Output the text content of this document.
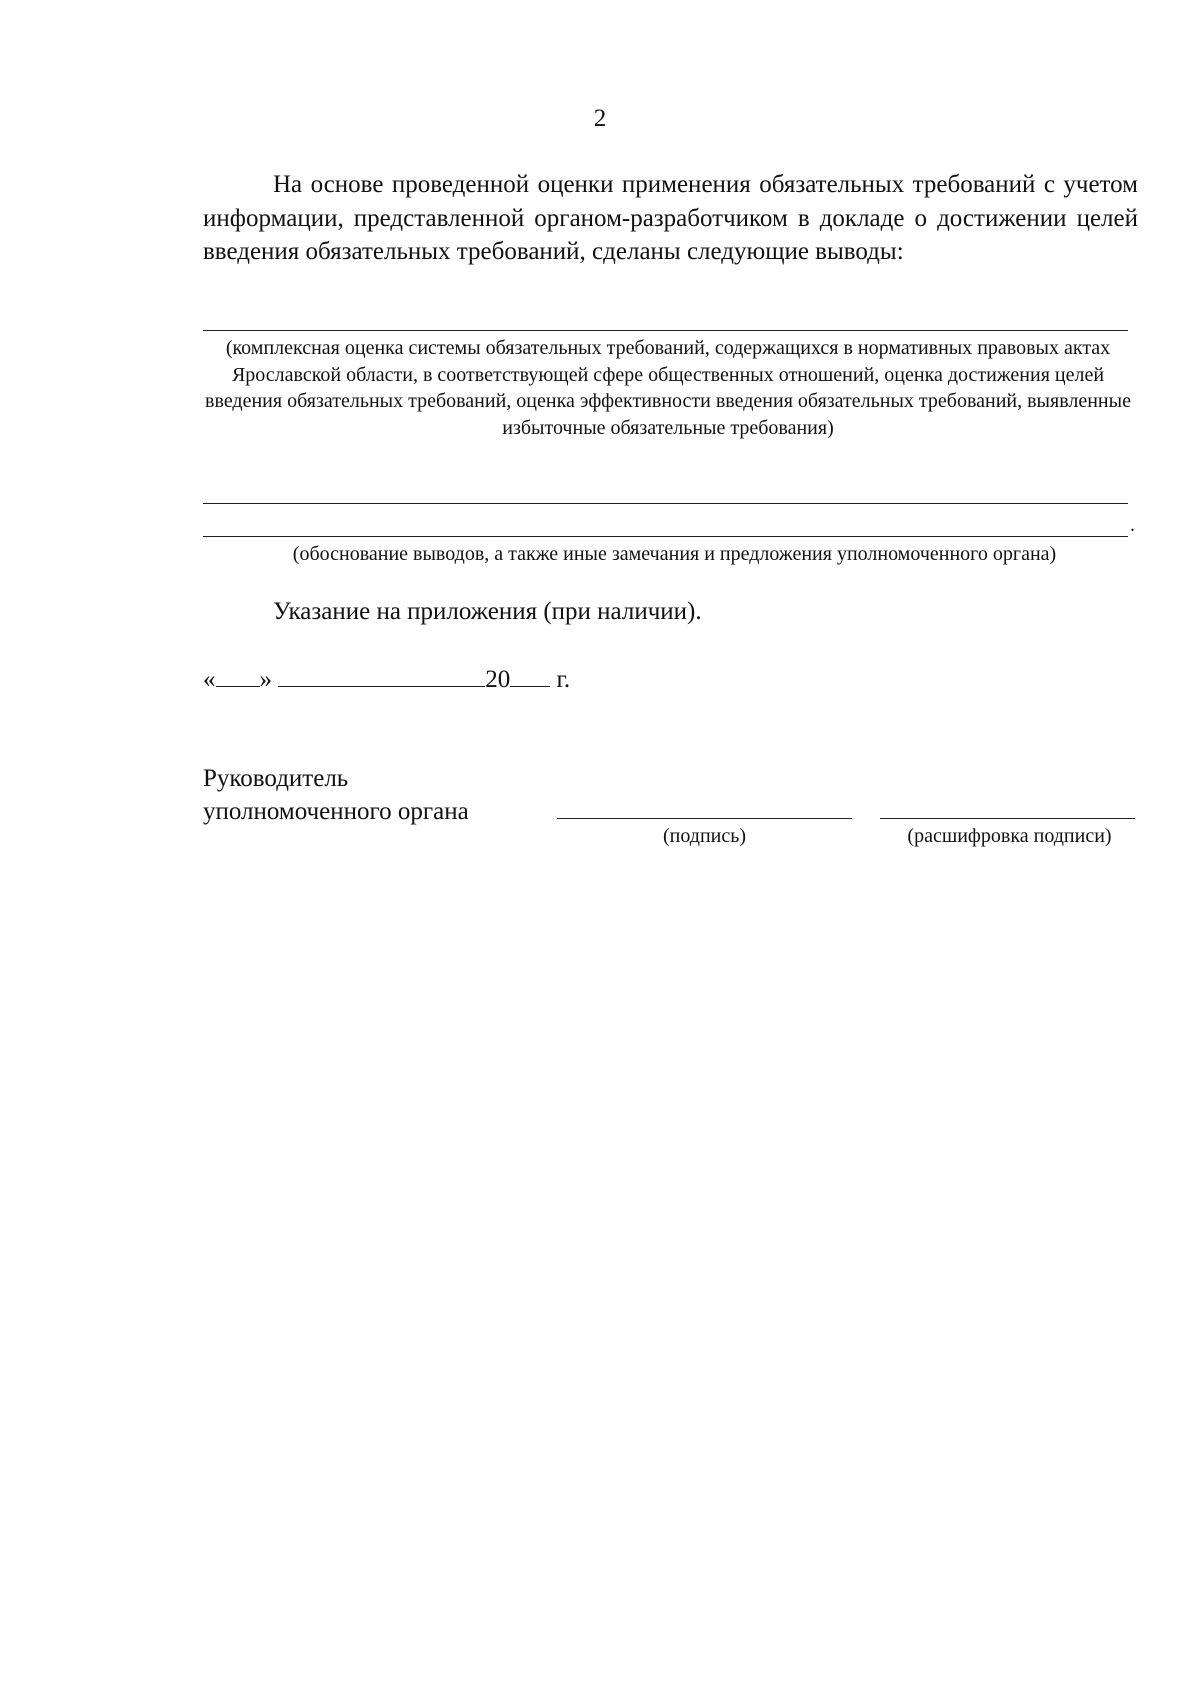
2

На основе проведенной оценки применения обязательных требований с учетом информации, представленной органом-разработчиком в докладе о достижении целей введения обязательных требований, сделаны следующие выводы:

(комплексная оценка системы обязательных требований, содержащихся в нормативных правовых актах Ярославской области, в соответствующей сфере общественных отношений, оценка достижения целей введения обязательных требований, оценка эффективности введения обязательных требований, выявленные избыточные обязательные требования)

.

(обоснование выводов, а также иные замечания и предложения уполномоченного органа)

Указание на приложения (при наличии).

« »	20 г.

Руководитель
уполномоченного органа

(подпись)	(расшифровка подписи)
